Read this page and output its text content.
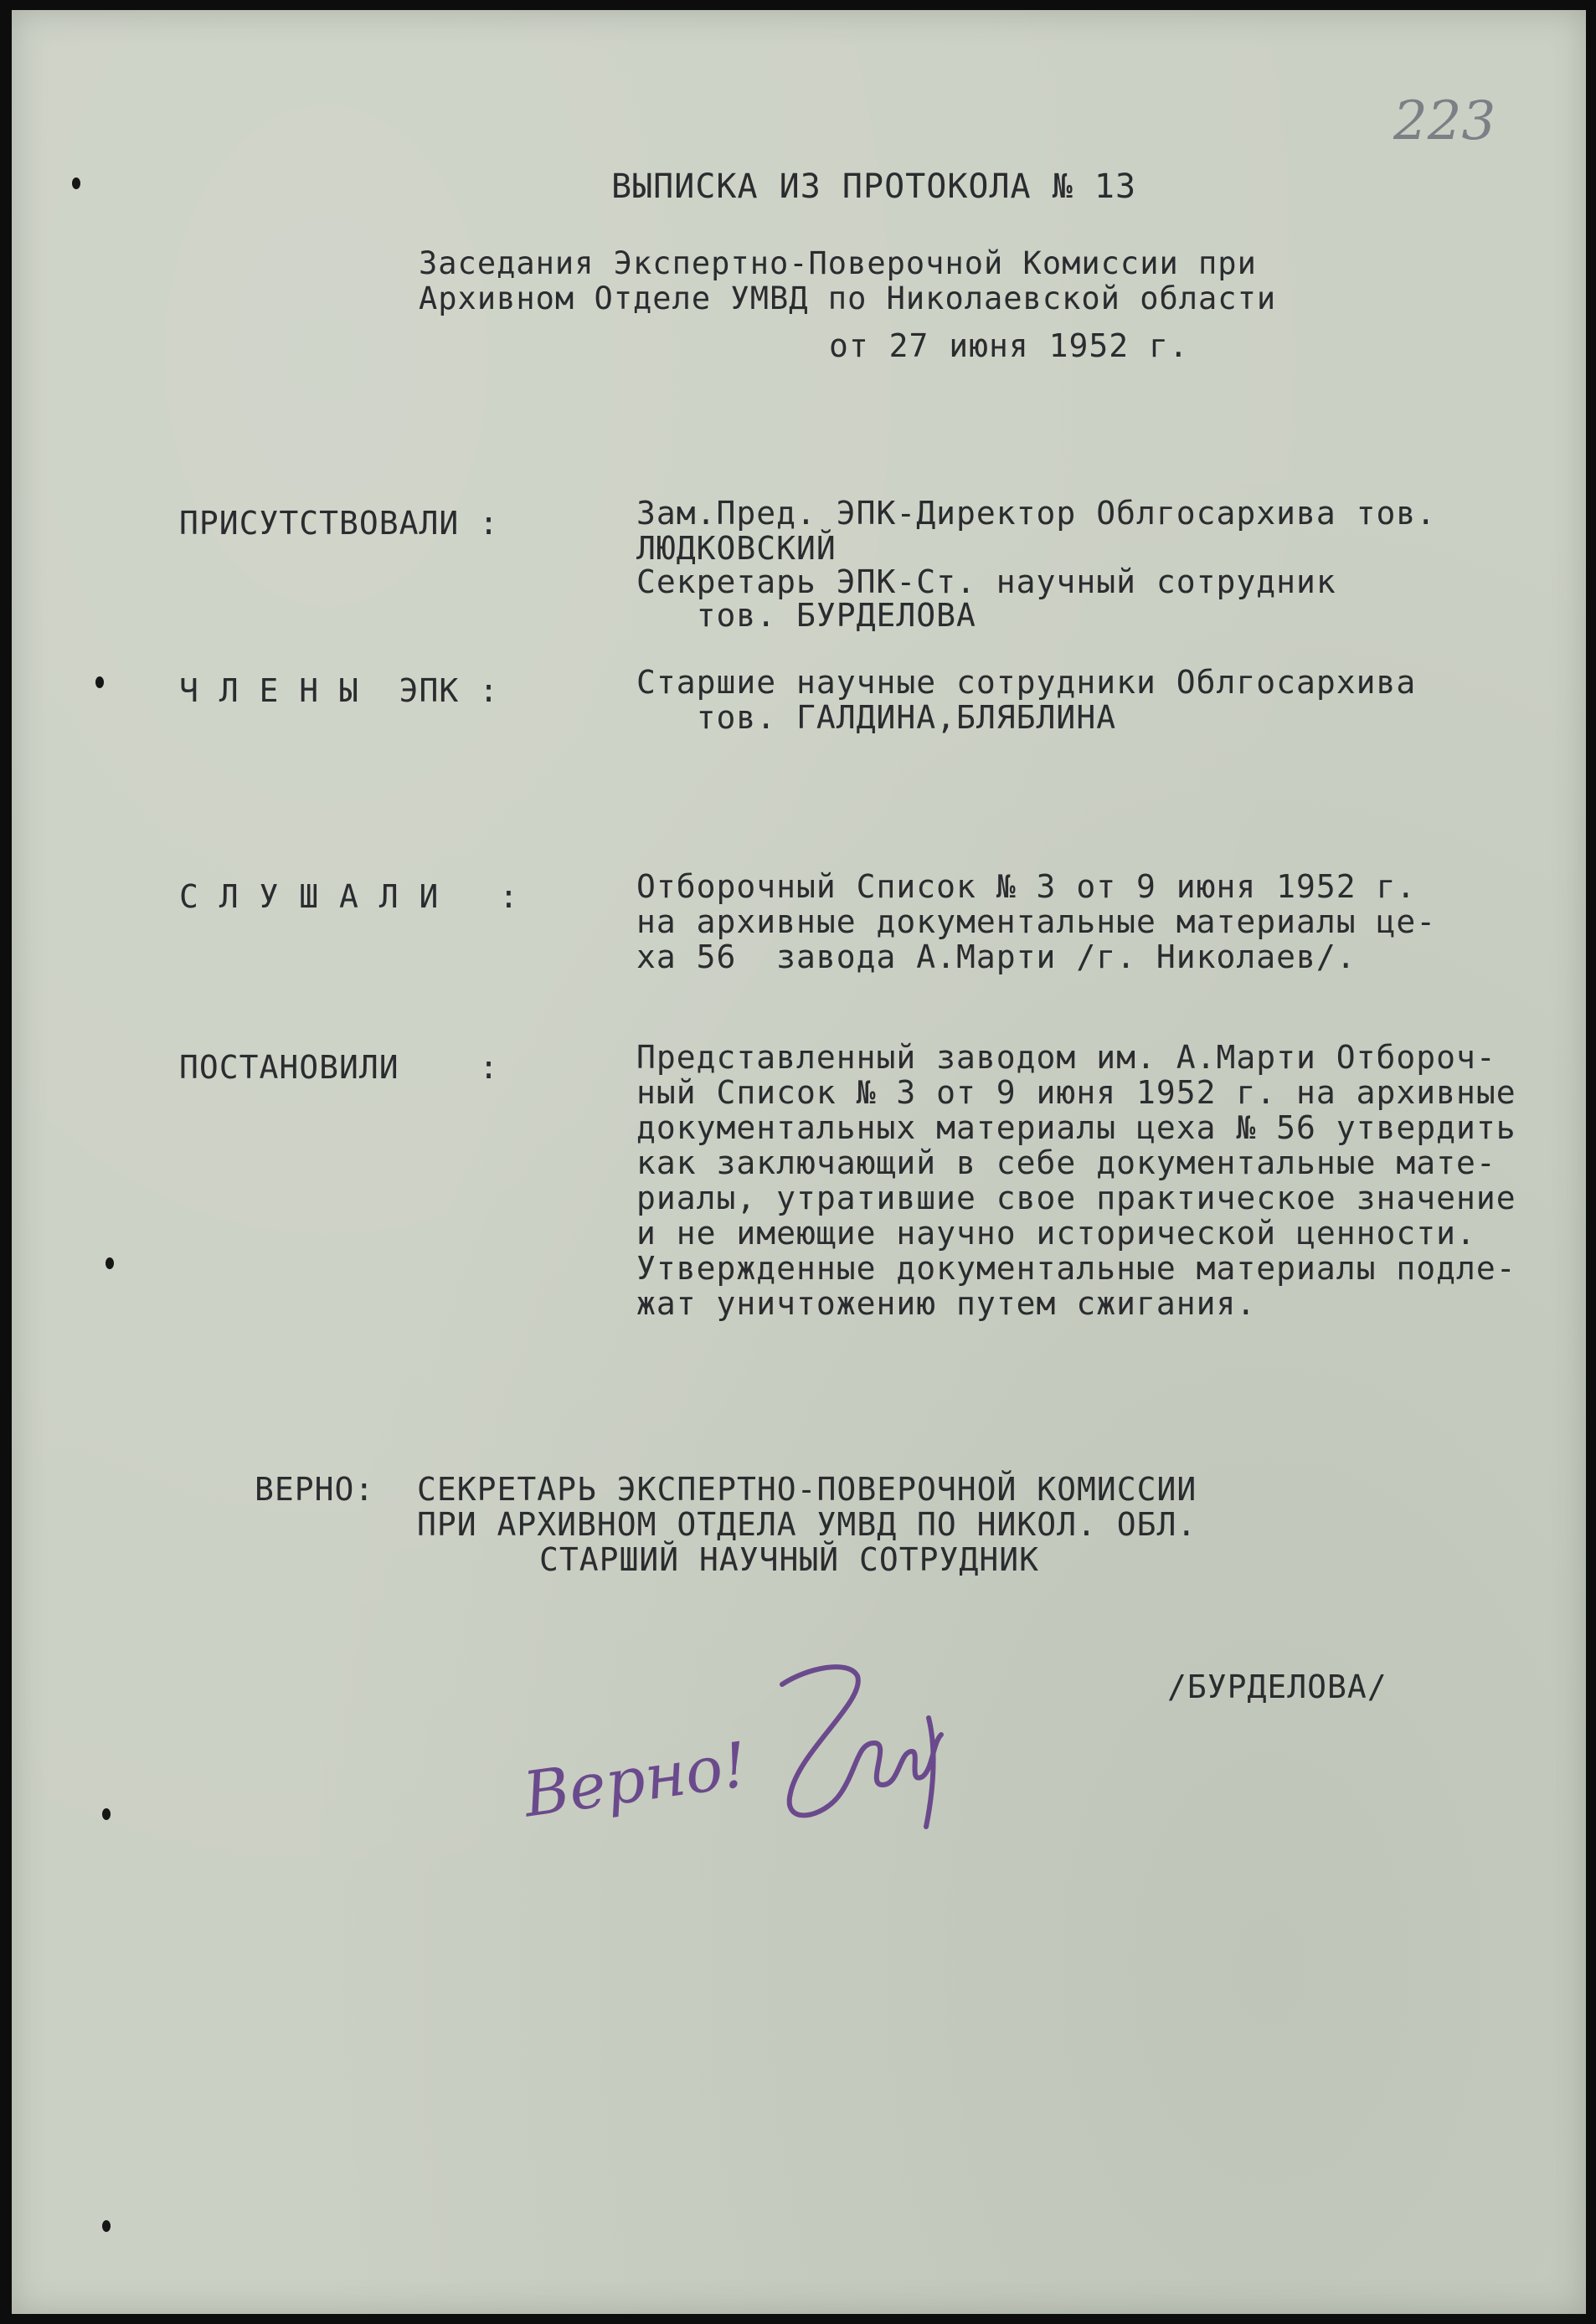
223
ВЫПИСКА ИЗ ПРОТОКОЛА № 13
Заседания Экспертно-Поверочной Комиссии при
Архивном Отделе УМВД по Николаевской области
от 27 июня 1952 г.
ПРИСУТСТВОВАЛИ :	Зам.Пред. ЭПК-Директор Облгосархива тов.
ЛЮДКОВСКИЙ
Секретарь ЭПК-Ст. научный сотрудник
тов. БУРДЕЛОВА
Ч Л Е Н Ы  ЭПК :	Старшие научные сотрудники Облгосархива
тов. ГАЛДИНА,БЛЯБЛИНА
С Л У Ш А Л И   :	Отборочный Список № 3 от 9 июня 1952 г.
на архивные документальные материалы це-
ха 56  завода А.Марти /г. Николаев/.
ПОСТАНОВИЛИ    :	Представленный заводом им. А.Марти Отбороч-
ный Список № 3 от 9 июня 1952 г. на архивные
документальных материалы цеха № 56 утвердить
как заключающий в себе документальные мате-
риалы, утратившие свое практическое значение
и не имеющие научно исторической ценности.
Утвержденные документальные материалы подле-
жат уничтожению путем сжигания.
ВЕРНО: СЕКРЕТАРЬ ЭКСПЕРТНО-ПОВЕРОЧНОЙ КОМИССИИ
ПРИ АРХИВНОМ ОТДЕЛА УМВД ПО НИКОЛ. ОБЛ.
СТАРШИЙ НАУЧНЫЙ СОТРУДНИК
/БУРДЕЛОВА/
Верно!
